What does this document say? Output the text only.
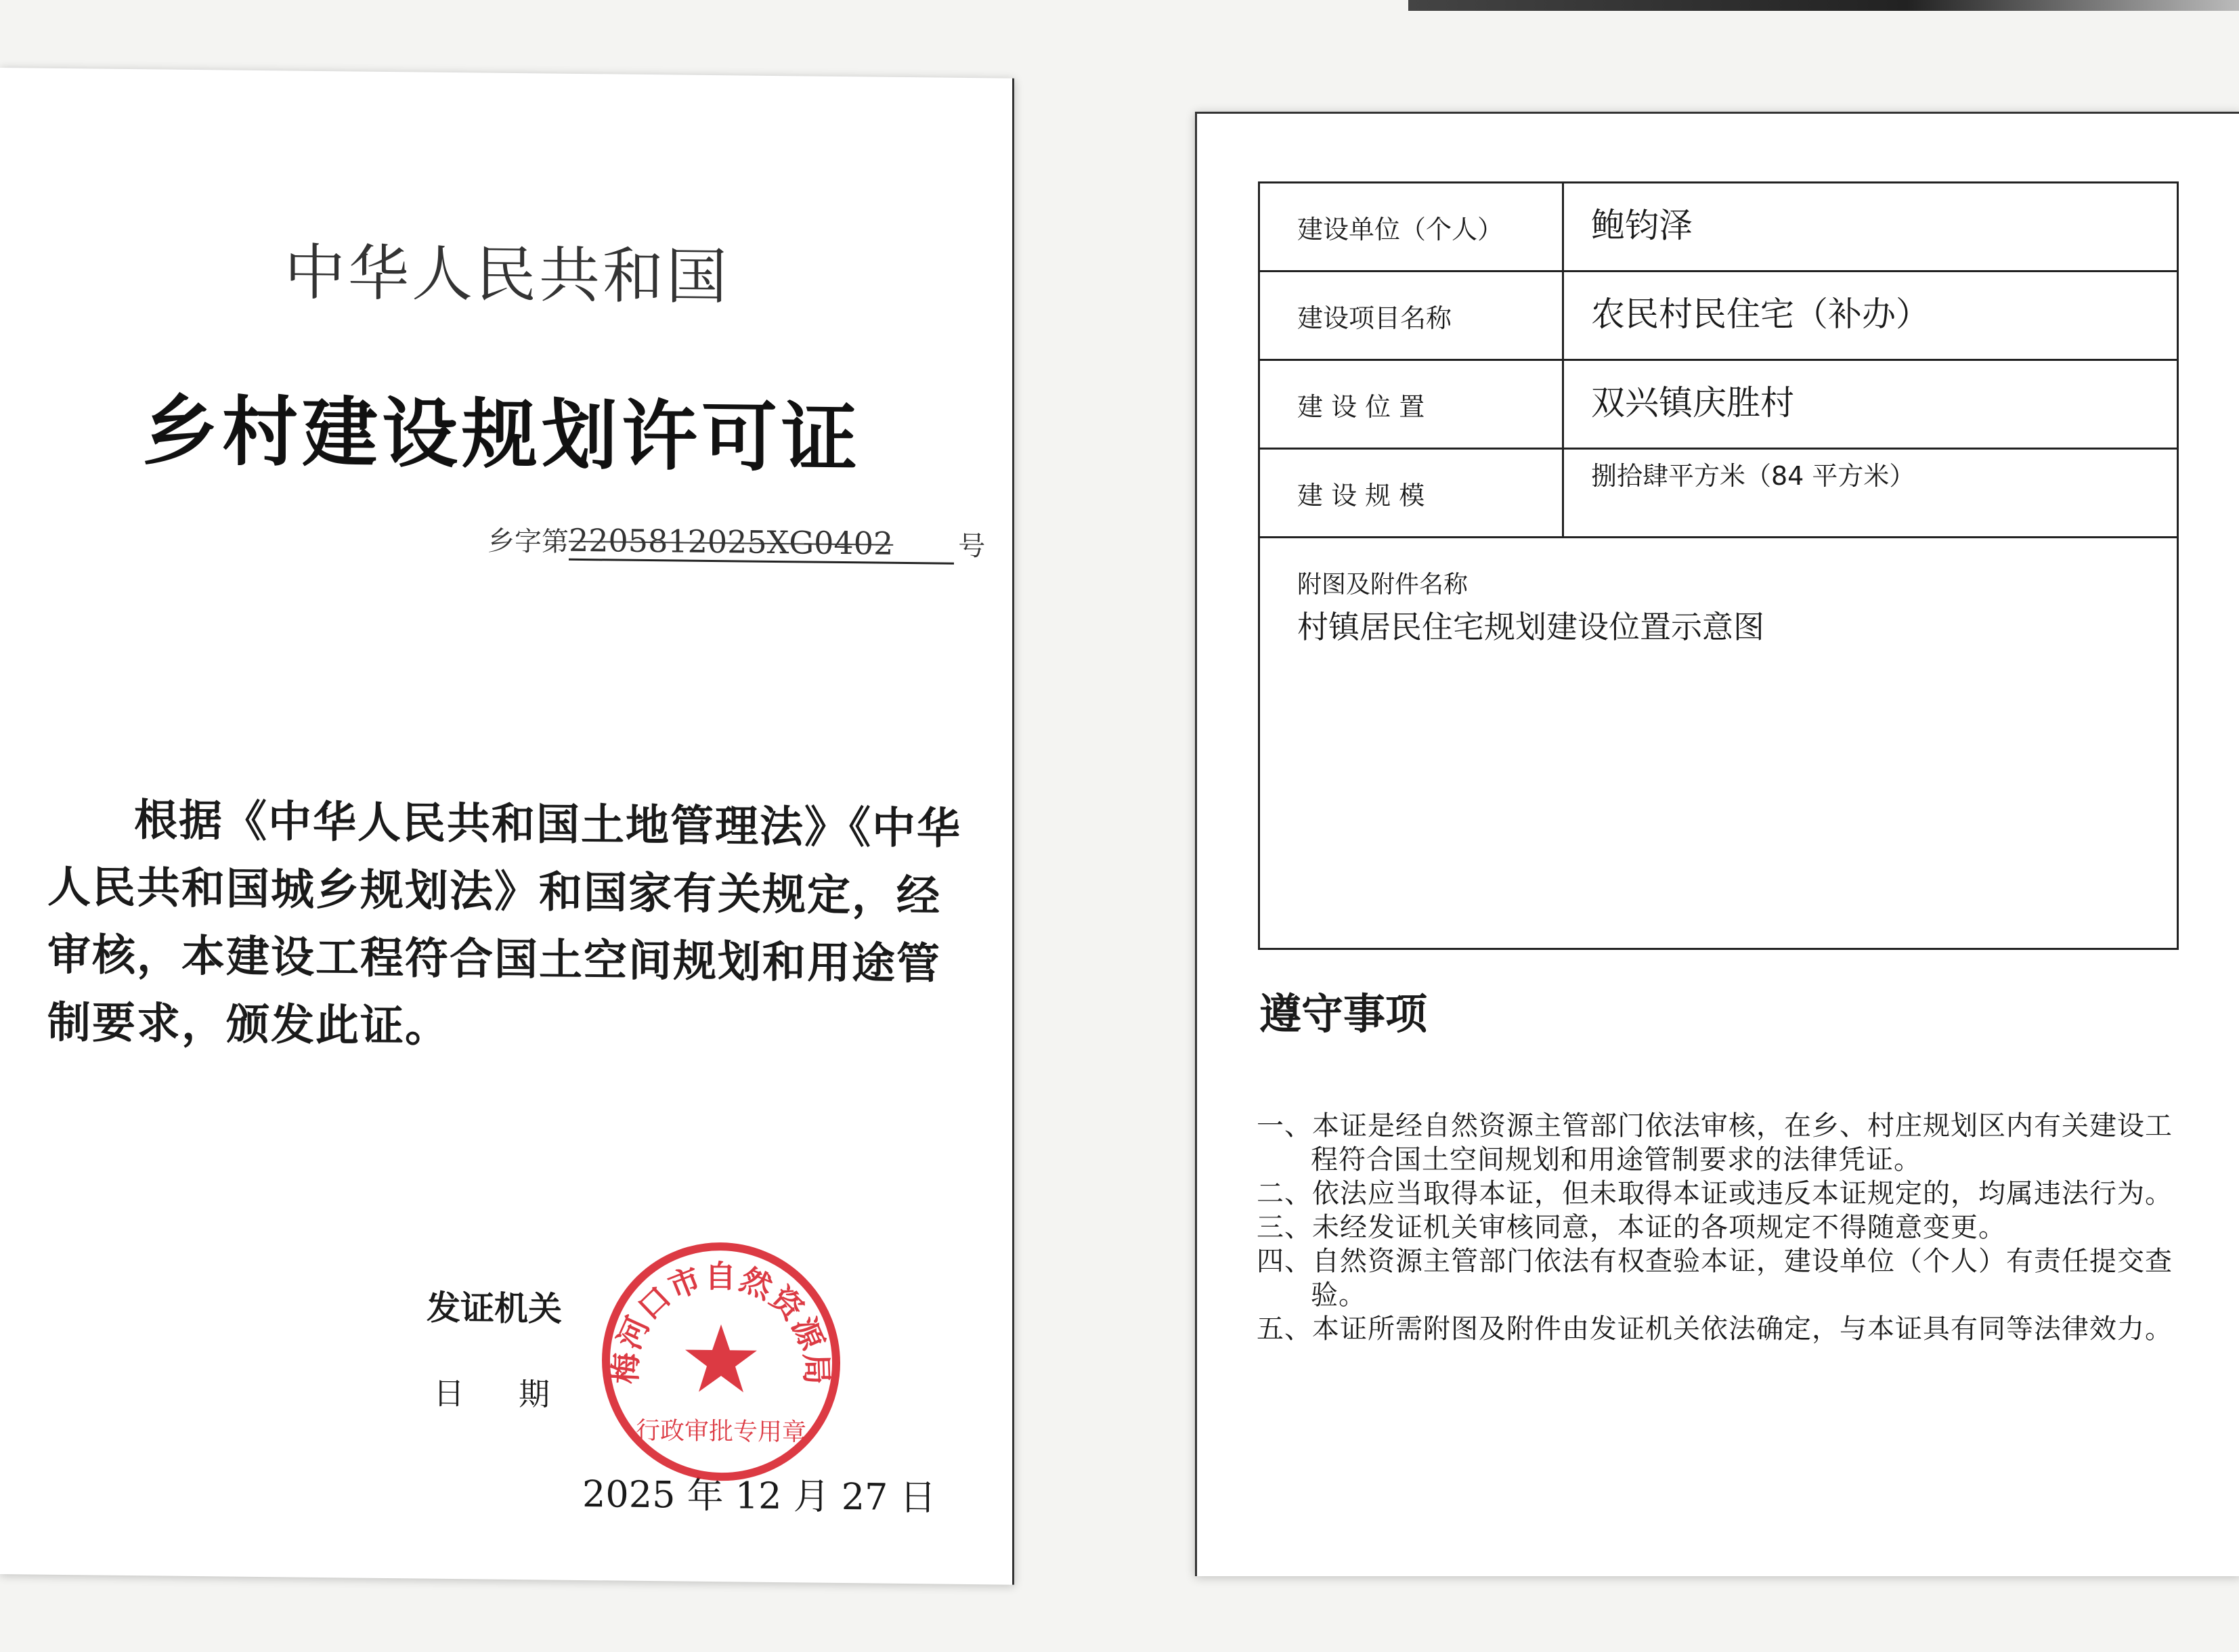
中华人民共和国
乡村建设规划许可证
乡字第2205812025XG0402 号
根据《中华人民共和国土地管理法》《中华人民共和国城乡规划法》和国家有关规定，经审核，本建设工程符合国土空间规划和用途管制要求，颁发此证。
发证机关
日期
2025 年 12 月 27 日
梅河口市自然资源局
行政审批专用章
建设单位（个人）	鲍钧泽
建设项目名称	农民村民住宅（补办）
建 设 位 置	双兴镇庆胜村
建 设 规 模	捌拾肆平方米（84 平方米）

附图及附件名称
村镇居民住宅规划建设位置示意图	
遵守事项
一、本证是经自然资源主管部门依法审核，在乡、村庄规划区内有关建设工程符合国土空间规划和用途管制要求的法律凭证。
二、依法应当取得本证，但未取得本证或违反本证规定的，均属违法行为。
三、未经发证机关审核同意，本证的各项规定不得随意变更。
四、自然资源主管部门依法有权查验本证，建设单位（个人）有责任提交查验。
五、本证所需附图及附件由发证机关依法确定，与本证具有同等法律效力。
